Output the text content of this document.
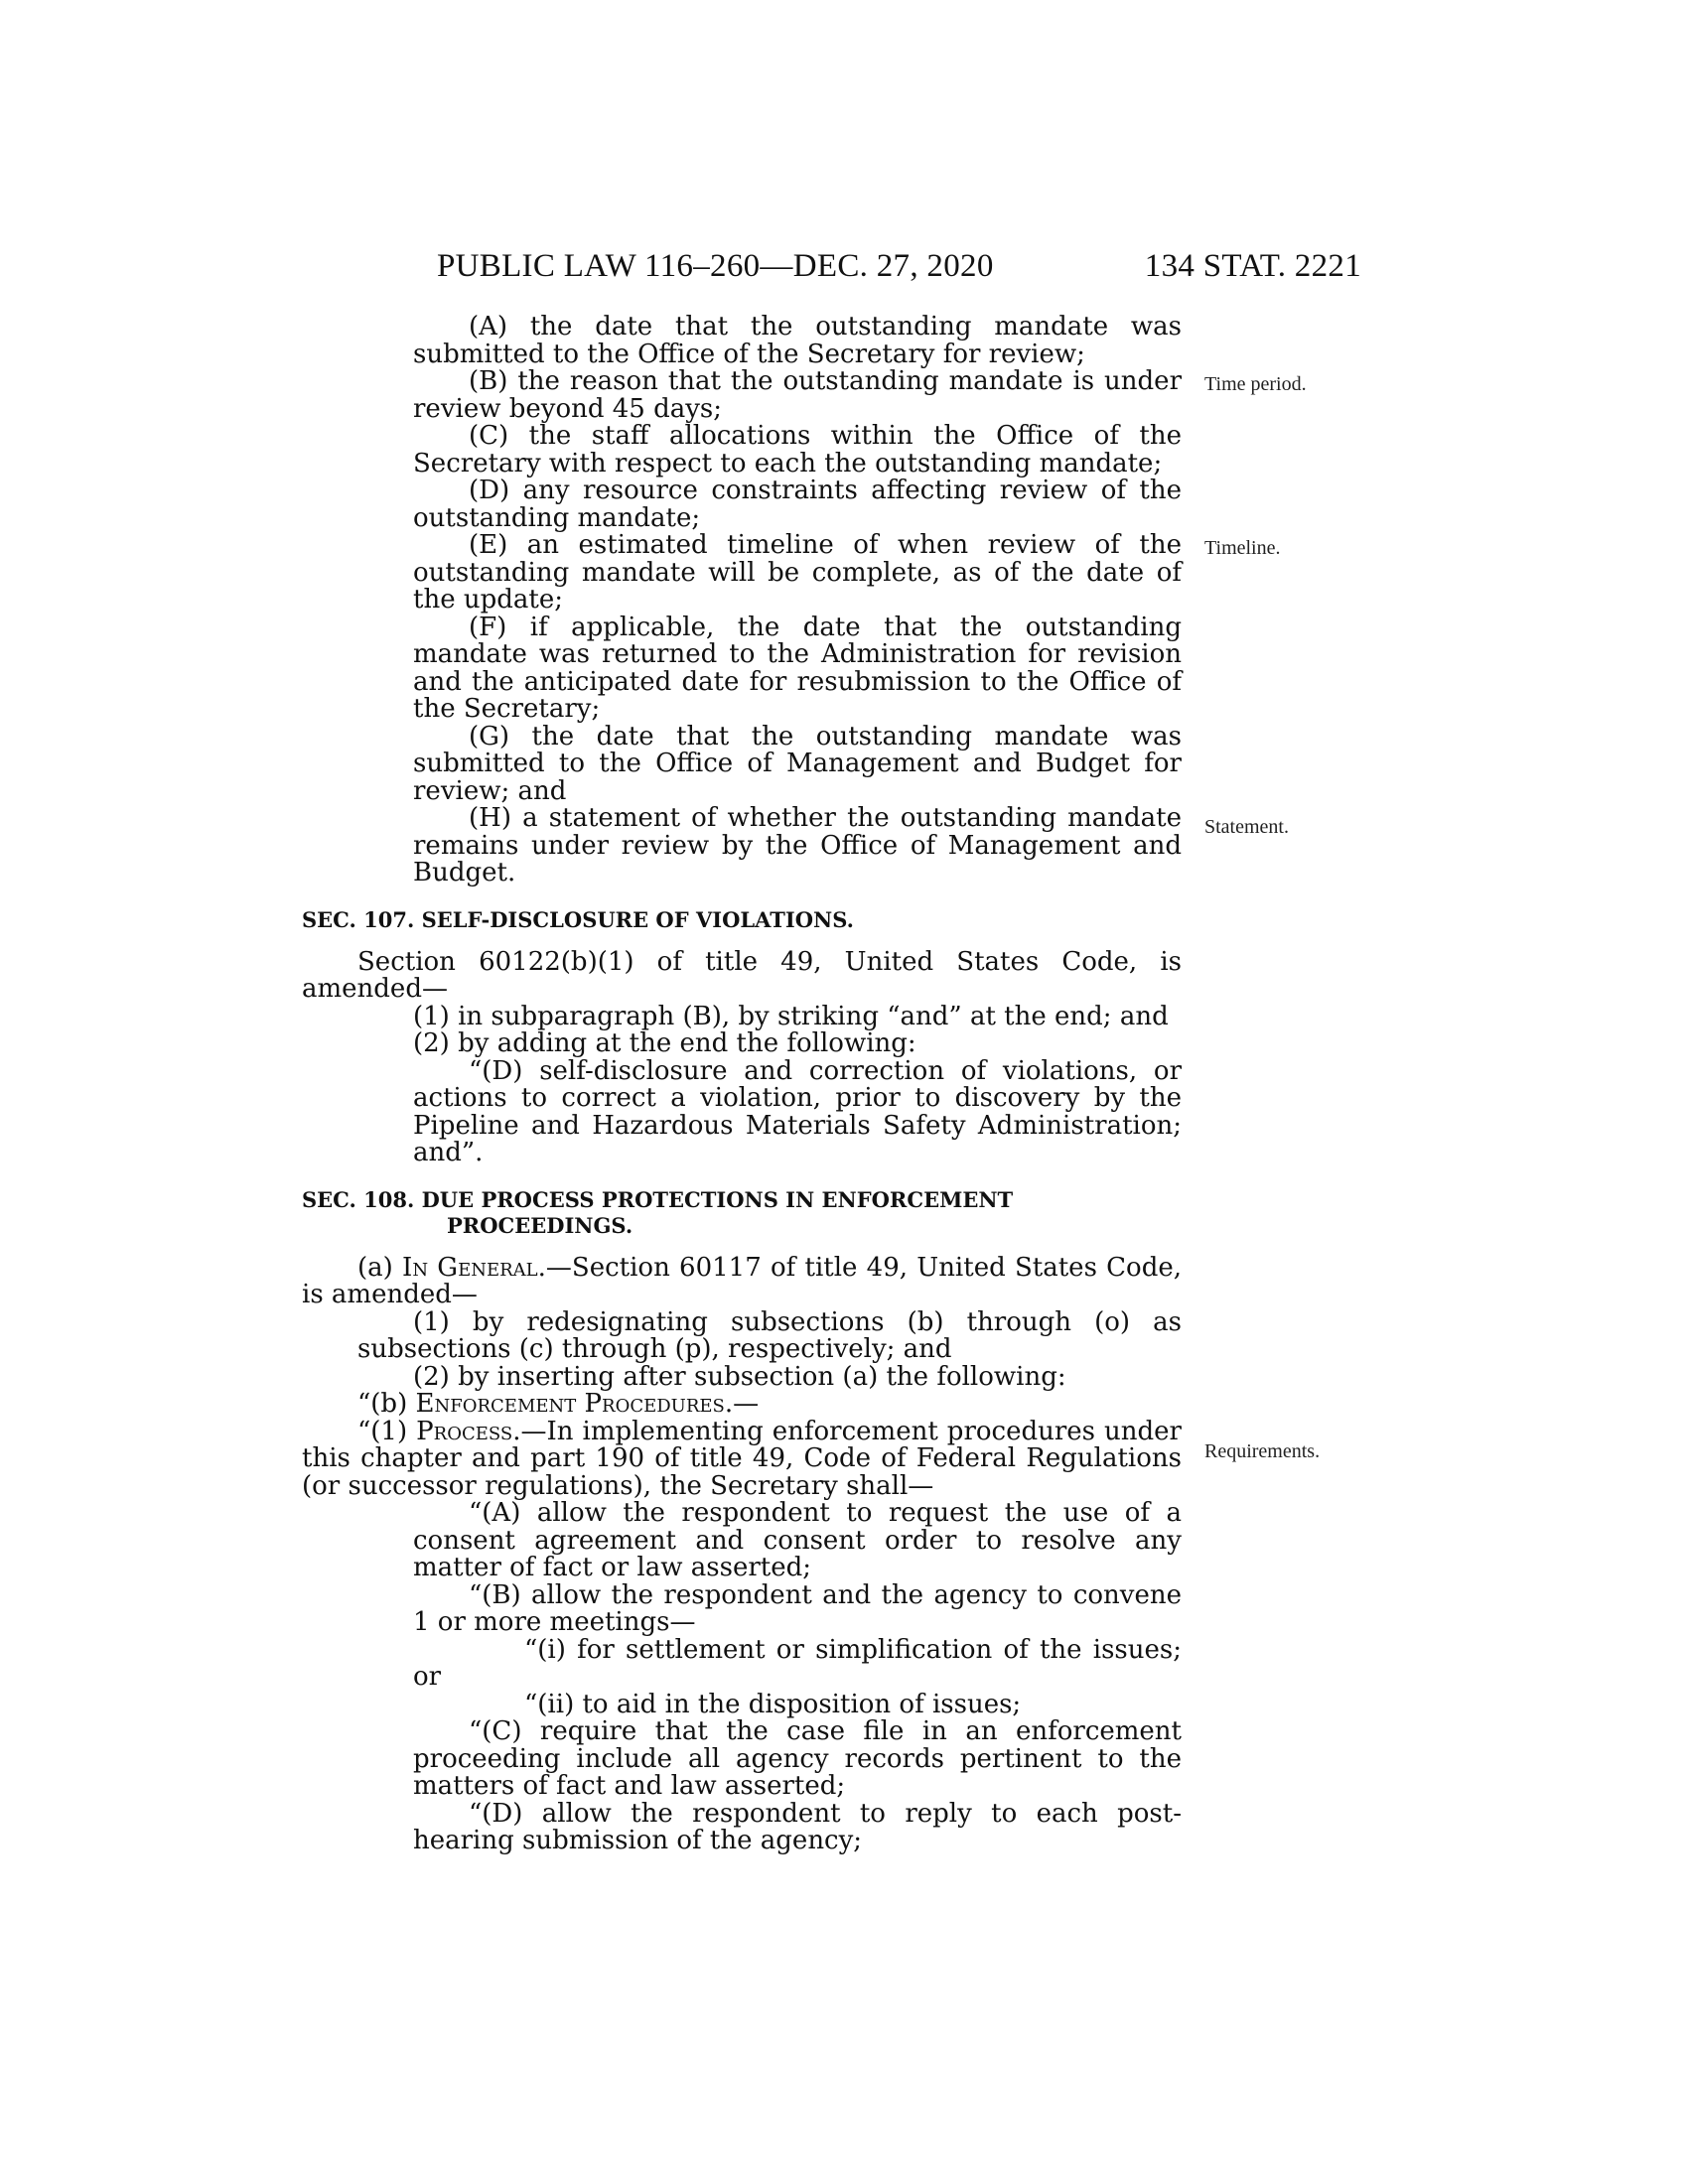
PUBLIC LAW 116–260—DEC. 27, 2020	134 STAT. 2221

(A) the date that the outstanding mandate was submitted to the Office of the Secretary for review;

(B) the reason that the outstanding mandate is under review beyond 45 days;

(C) the staff allocations within the Office of the Secretary with respect to each the outstanding mandate;

(D) any resource constraints affecting review of the outstanding mandate;

(E) an estimated timeline of when review of the outstanding mandate will be complete, as of the date of the update;

(F) if applicable, the date that the outstanding mandate was returned to the Administration for revision and the anticipated date for resubmission to the Office of the Secretary;

(G) the date that the outstanding mandate was submitted to the Office of Management and Budget for review; and

(H) a statement of whether the outstanding mandate remains under review by the Office of Management and Budget.

SEC. 107. SELF-DISCLOSURE OF VIOLATIONS.

Section 60122(b)(1) of title 49, United States Code, is amended—

(1) in subparagraph (B), by striking “and” at the end; and

(2) by adding at the end the following:

“(D) self-disclosure and correction of violations, or actions to correct a violation, prior to discovery by the Pipeline and Hazardous Materials Safety Administration; and”.

SEC. 108. DUE PROCESS PROTECTIONS IN ENFORCEMENT PROCEEDINGS.

(a) In General.—Section 60117 of title 49, United States Code, is amended—

(1) by redesignating subsections (b) through (o) as subsections (c) through (p), respectively; and

(2) by inserting after subsection (a) the following:

“(b) Enforcement Procedures.—

“(1) Process.—In implementing enforcement procedures under this chapter and part 190 of title 49, Code of Federal Regulations (or successor regulations), the Secretary shall—

“(A) allow the respondent to request the use of a consent agreement and consent order to resolve any matter of fact or law asserted;

“(B) allow the respondent and the agency to convene 1 or more meetings—

“(i) for settlement or simplification of the issues; or

“(ii) to aid in the disposition of issues;

“(C) require that the case file in an enforcement proceeding include all agency records pertinent to the matters of fact and law asserted;

“(D) allow the respondent to reply to each post-hearing submission of the agency;

Time period.
Timeline.
Statement.
Requirements.
